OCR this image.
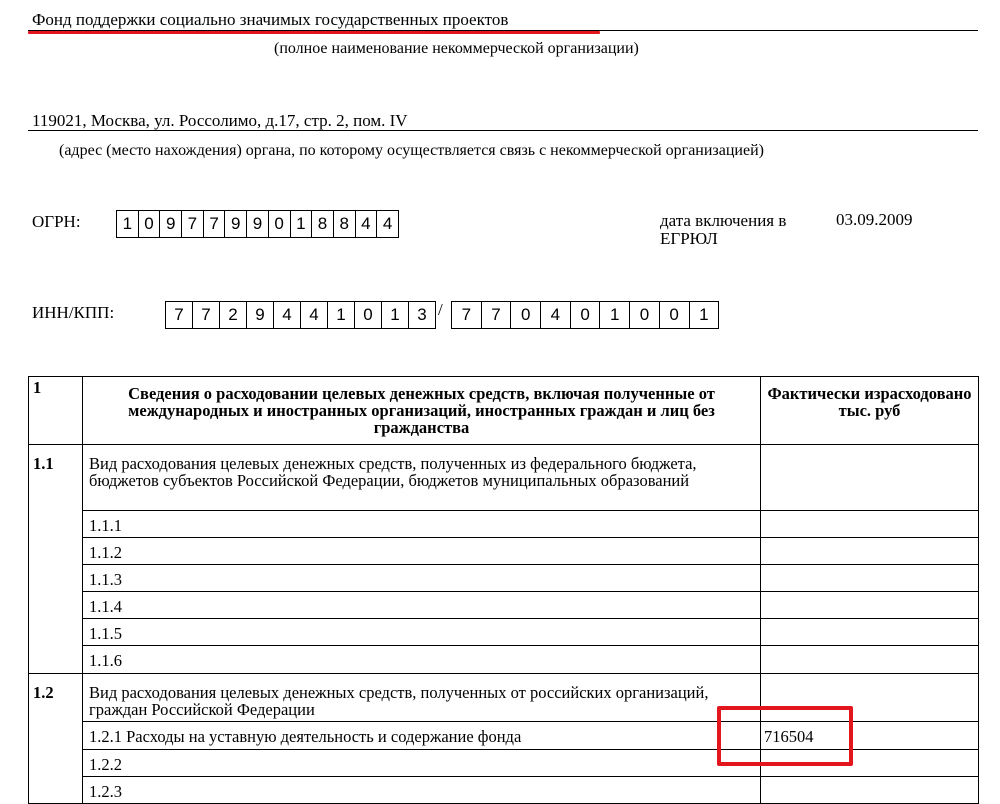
Фонд поддержки социально значимых государственных проектов
(полное наименование некоммерческой организации)
119021, Москва, ул. Россолимо, д.17, стр. 2, пом. IV
(адрес (место нахождения) органа, по которому осуществляется связь с некоммерческой организацией)
ОГРН:	1 0 9 7 7 9 9 0 1 8 8 4 4	дата включения в
ЕГРЮЛ
03.09.2009
ИНН/КПП:	7	7	2	9	4	4	1	0	1	3 /	7	7	0	4	0	1	0	0	1
1	Сведения о расходовании целевых денежных средств, включая полученные от международных и иностранных организаций, иностранных граждан и лиц без гражданства	Фактически израсходовано тыс. руб
1.1	Вид расходования целевых денежных средств, полученных из федерального бюджета, бюджетов субъектов Российской Федерации, бюджетов муниципальных образований	
	1.1.1	
	1.1.2	
	1.1.3	
	1.1.4	
	1.1.5	
	1.1.6	
1.2	Вид расходования целевых денежных средств, полученных от российских организаций, граждан Российской Федерации	
	1.2.1 Расходы на уставную деятельность и содержание фонда	716504
	1.2.2	
	1.2.3	
